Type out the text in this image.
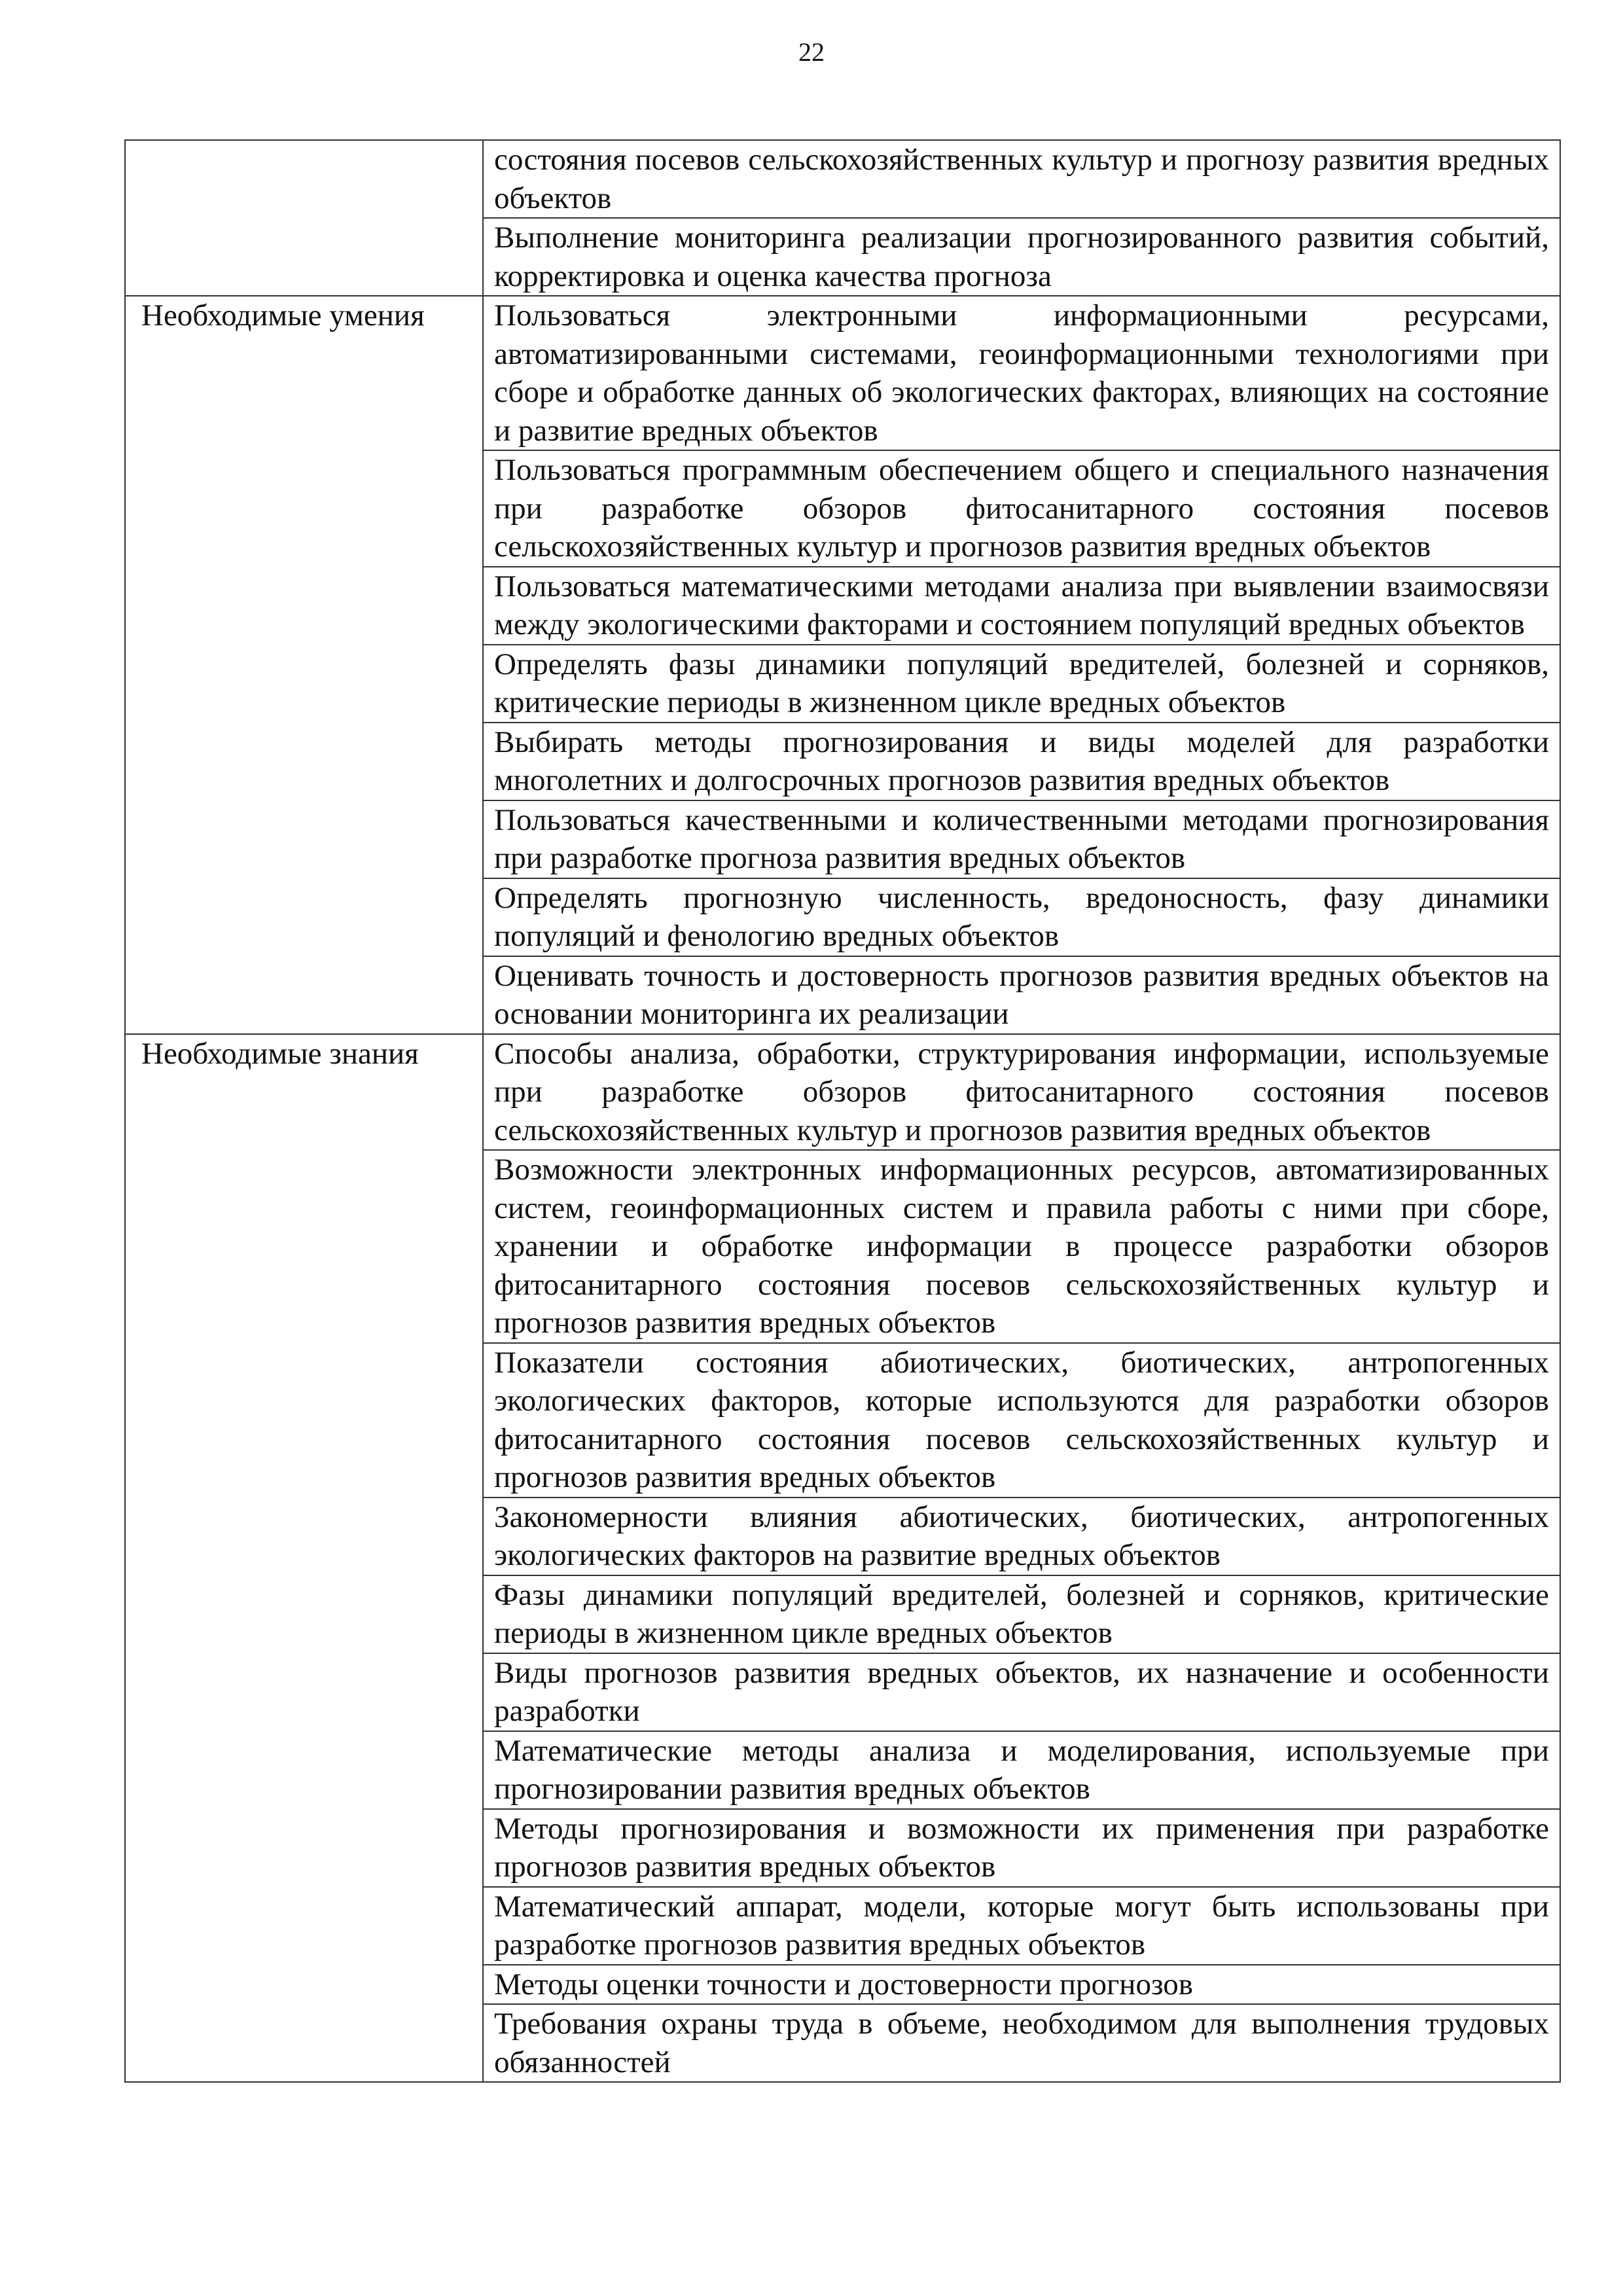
22
	состояния посевов сельскохозяйственных культур и прогнозу развития вредных объектов
	Выполнение мониторинга реализации прогнозированного развития событий, корректировка и оценка качества прогноза
Необходимые умения	Пользоваться электронными информационными ресурсами, автоматизированными системами, геоинформационными технологиями при сборе и обработке данных об экологических факторах, влияющих на состояние и развитие вредных объектов
	Пользоваться программным обеспечением общего и специального назначения при разработке обзоров фитосанитарного состояния посевов сельскохозяйственных культур и прогнозов развития вредных объектов
	Пользоваться математическими методами анализа при выявлении взаимосвязи между экологическими факторами и состоянием популяций вредных объектов
	Определять фазы динамики популяций вредителей, болезней и сорняков, критические периоды в жизненном цикле вредных объектов
	Выбирать методы прогнозирования и виды моделей для разработки многолетних и долгосрочных прогнозов развития вредных объектов
	Пользоваться качественными и количественными методами прогнозирования при разработке прогноза развития вредных объектов
	Определять прогнозную численность, вредоносность, фазу динамики популяций и фенологию вредных объектов
	Оценивать точность и достоверность прогнозов развития вредных объектов на основании мониторинга их реализации
Необходимые знания	Способы анализа, обработки, структурирования информации, используемые при разработке обзоров фитосанитарного состояния посевов сельскохозяйственных культур и прогнозов развития вредных объектов
	Возможности электронных информационных ресурсов, автоматизированных систем, геоинформационных систем и правила работы с ними при сборе, хранении и обработке информации в процессе разработки обзоров фитосанитарного состояния посевов сельскохозяйственных культур и прогнозов развития вредных объектов
	Показатели состояния абиотических, биотических, антропогенных экологических факторов, которые используются для разработки обзоров фитосанитарного состояния посевов сельскохозяйственных культур и прогнозов развития вредных объектов
	Закономерности влияния абиотических, биотических, антропогенных экологических факторов на развитие вредных объектов
	Фазы динамики популяций вредителей, болезней и сорняков, критические периоды в жизненном цикле вредных объектов
	Виды прогнозов развития вредных объектов, их назначение и особенности разработки
	Математические методы анализа и моделирования, используемые при прогнозировании развития вредных объектов
	Методы прогнозирования и возможности их применения при разработке прогнозов развития вредных объектов
	Математический аппарат, модели, которые могут быть использованы при разработке прогнозов развития вредных объектов
	Методы оценки точности и достоверности прогнозов
	Требования охраны труда в объеме, необходимом для выполнения трудовых обязанностей
